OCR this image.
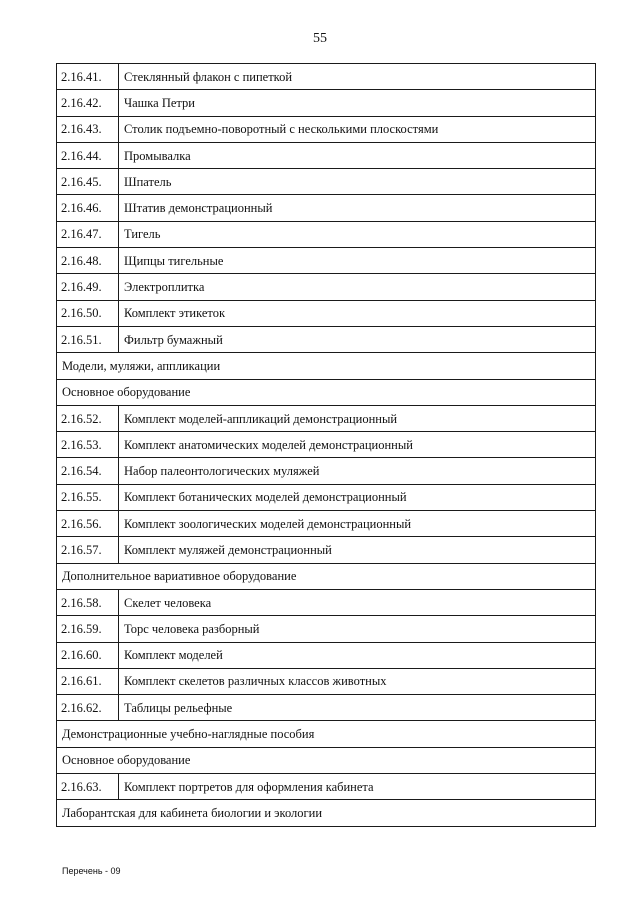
55
2.16.41.	Стеклянный флакон с пипеткой
2.16.42.	Чашка Петри
2.16.43.	Столик подъемно-поворотный с несколькими плоскостями
2.16.44.	Промывалка
2.16.45.	Шпатель
2.16.46.	Штатив демонстрационный
2.16.47.	Тигель
2.16.48.	Щипцы тигельные
2.16.49.	Электроплитка
2.16.50.	Комплект этикеток
2.16.51.	Фильтр бумажный
Модели, муляжи, аппликации	
Основное оборудование	
2.16.52.	Комплект моделей-аппликаций демонстрационный
2.16.53.	Комплект анатомических моделей демонстрационный
2.16.54.	Набор палеонтологических муляжей
2.16.55.	Комплект ботанических моделей демонстрационный
2.16.56.	Комплект зоологических моделей демонстрационный
2.16.57.	Комплект муляжей демонстрационный
Дополнительное вариативное оборудование	
2.16.58.	Скелет человека
2.16.59.	Торс человека разборный
2.16.60.	Комплект моделей
2.16.61.	Комплект скелетов различных классов животных
2.16.62.	Таблицы рельефные
Демонстрационные учебно-наглядные пособия	
Основное оборудование	
2.16.63.	Комплект портретов для оформления кабинета
Лаборантская для кабинета биологии и экологии	
Перечень - 09
